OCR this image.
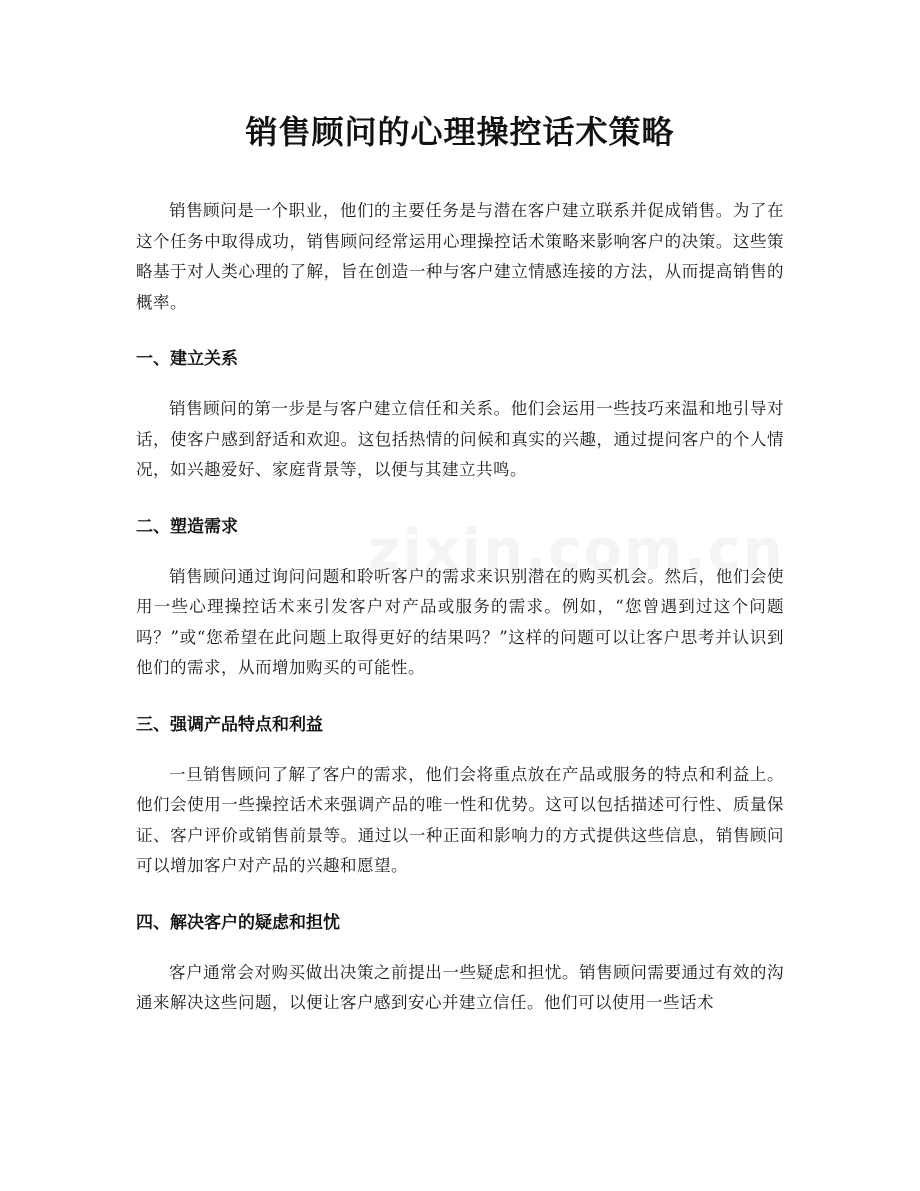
销售顾问的心理操控话术策略

销售顾问是一个职业，他们的主要任务是与潜在客户建立联系并促成销售。为了在这个任务中取得成功，销售顾问经常运用心理操控话术策略来影响客户的决策。这些策略基于对人类心理的了解，旨在创造一种与客户建立情感连接的方法，从而提高销售的概率。

一、建立关系

销售顾问的第一步是与客户建立信任和关系。他们会运用一些技巧来温和地引导对话，使客户感到舒适和欢迎。这包括热情的问候和真实的兴趣，通过提问客户的个人情况，如兴趣爱好、家庭背景等，以便与其建立共鸣。

二、塑造需求

销售顾问通过询问问题和聆听客户的需求来识别潜在的购买机会。然后，他们会使用一些心理操控话术来引发客户对产品或服务的需求。例如，“您曾遇到过这个问题吗？”或“您希望在此问题上取得更好的结果吗？”这样的问题可以让客户思考并认识到他们的需求，从而增加购买的可能性。

三、强调产品特点和利益

一旦销售顾问了解了客户的需求，他们会将重点放在产品或服务的特点和利益上。他们会使用一些操控话术来强调产品的唯一性和优势。这可以包括描述可行性、质量保证、客户评价或销售前景等。通过以一种正面和影响力的方式提供这些信息，销售顾问可以增加客户对产品的兴趣和愿望。

四、解决客户的疑虑和担忧

客户通常会对购买做出决策之前提出一些疑虑和担忧。销售顾问需要通过有效的沟通来解决这些问题，以便让客户感到安心并建立信任。他们可以使用一些话术
